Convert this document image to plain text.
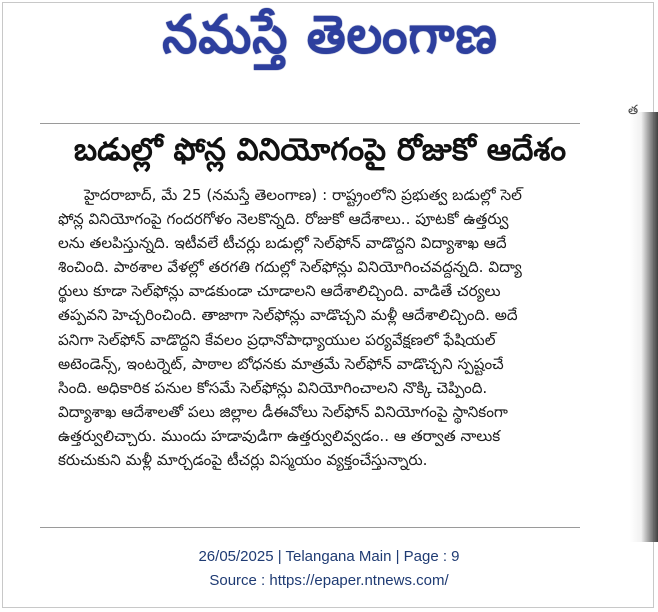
నమస్తే తెలంగాణ
త
బడుల్లో ఫోన్ల వినియోగంపై రోజుకో ఆదేశం
హైదరాబాద్, మే 25 (నమస్తే తెలంగాణ) : రాష్ట్రంలోని ప్రభుత్వ బడుల్లో సెల్
ఫోన్ల వినియోగంపై గందరగోళం నెలకొన్నది. రోజుకో ఆదేశాలు.. పూటకో ఉత్తర్వు
లను తలపిస్తున్నది. ఇటీవలే టీచర్లు బడుల్లో సెల్‌ఫోన్ వాడొద్దని విద్యాశాఖ ఆదే
శించింది. పాఠశాల వేళల్లో తరగతి గదుల్లో సెల్‌ఫోన్లు వినియోగించవద్దన్నది. విద్యా
ర్థులు కూడా సెల్‌ఫోన్లు వాడకుండా చూడాలని ఆదేశాలిచ్చింది. వాడితే చర్యలు
తప్పవని హెచ్చరించింది. తాజాగా సెల్‌ఫోన్లు వాడొచ్చని మళ్లీ ఆదేశాలిచ్చింది. అదే
పనిగా సెల్‌ఫోన్ వాడొద్దని కేవలం ప్రధానోపాధ్యాయుల పర్యవేక్షణలో ఫేషియల్
అటెండెన్స్, ఇంటర్నెట్, పాఠాల బోధనకు మాత్రమే సెల్‌ఫోన్ వాడొచ్చని స్పష్టంచే
సింది. అధికారిక పనుల కోసమే సెల్‌ఫోన్లు వినియోగించాలని నొక్కి చెప్పింది.
విద్యాశాఖ ఆదేశాలతో పలు జిల్లాల డీఈవోలు సెల్‌ఫోన్ వినియోగంపై స్థానికంగా
ఉత్తర్వులిచ్చారు. ముందు హడావుడిగా ఉత్తర్వులివ్వడం.. ఆ తర్వాత నాలుక
కరుచుకుని మళ్లీ మార్చడంపై టీచర్లు విస్మయం వ్యక్తంచేస్తున్నారు.
26/05/2025 | Telangana Main | Page : 9
Source : https://epaper.ntnews.com/
